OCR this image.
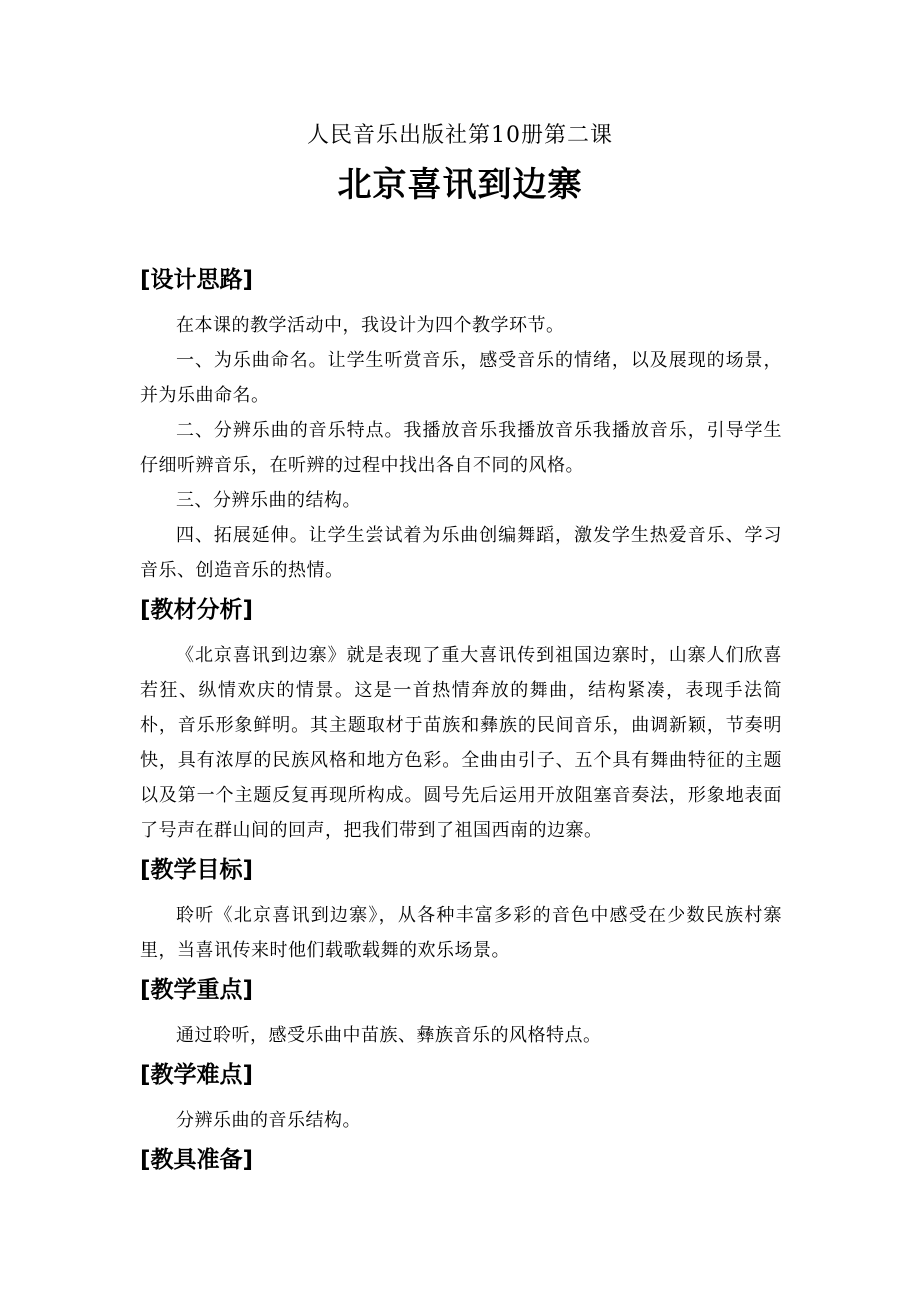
人民音乐出版社第10册第二课
北京喜讯到边寨
[设计思路]

在本课的教学活动中，我设计为四个教学环节。

一、为乐曲命名。让学生听赏音乐，感受音乐的情绪，以及展现的场景，并为乐曲命名。

二、分辨乐曲的音乐特点。我播放音乐我播放音乐我播放音乐，引导学生仔细听辨音乐，在听辨的过程中找出各自不同的风格。

三、分辨乐曲的结构。

四、拓展延伸。让学生尝试着为乐曲创编舞蹈，激发学生热爱音乐、学习音乐、创造音乐的热情。

[教材分析]

《北京喜讯到边寨》就是表现了重大喜讯传到祖国边寨时，山寨人们欣喜若狂、纵情欢庆的情景。这是一首热情奔放的舞曲，结构紧凑，表现手法简朴，音乐形象鲜明。其主题取材于苗族和彝族的民间音乐，曲调新颖，节奏明快，具有浓厚的民族风格和地方色彩。全曲由引子、五个具有舞曲特征的主题以及第一个主题反复再现所构成。圆号先后运用开放阻塞音奏法，形象地表面了号声在群山间的回声，把我们带到了祖国西南的边寨。

[教学目标]

聆听《北京喜讯到边寨》，从各种丰富多彩的音色中感受在少数民族村寨里，当喜讯传来时他们载歌载舞的欢乐场景。

[教学重点]

通过聆听，感受乐曲中苗族、彝族音乐的风格特点。

[教学难点]

分辨乐曲的音乐结构。

[教具准备]
